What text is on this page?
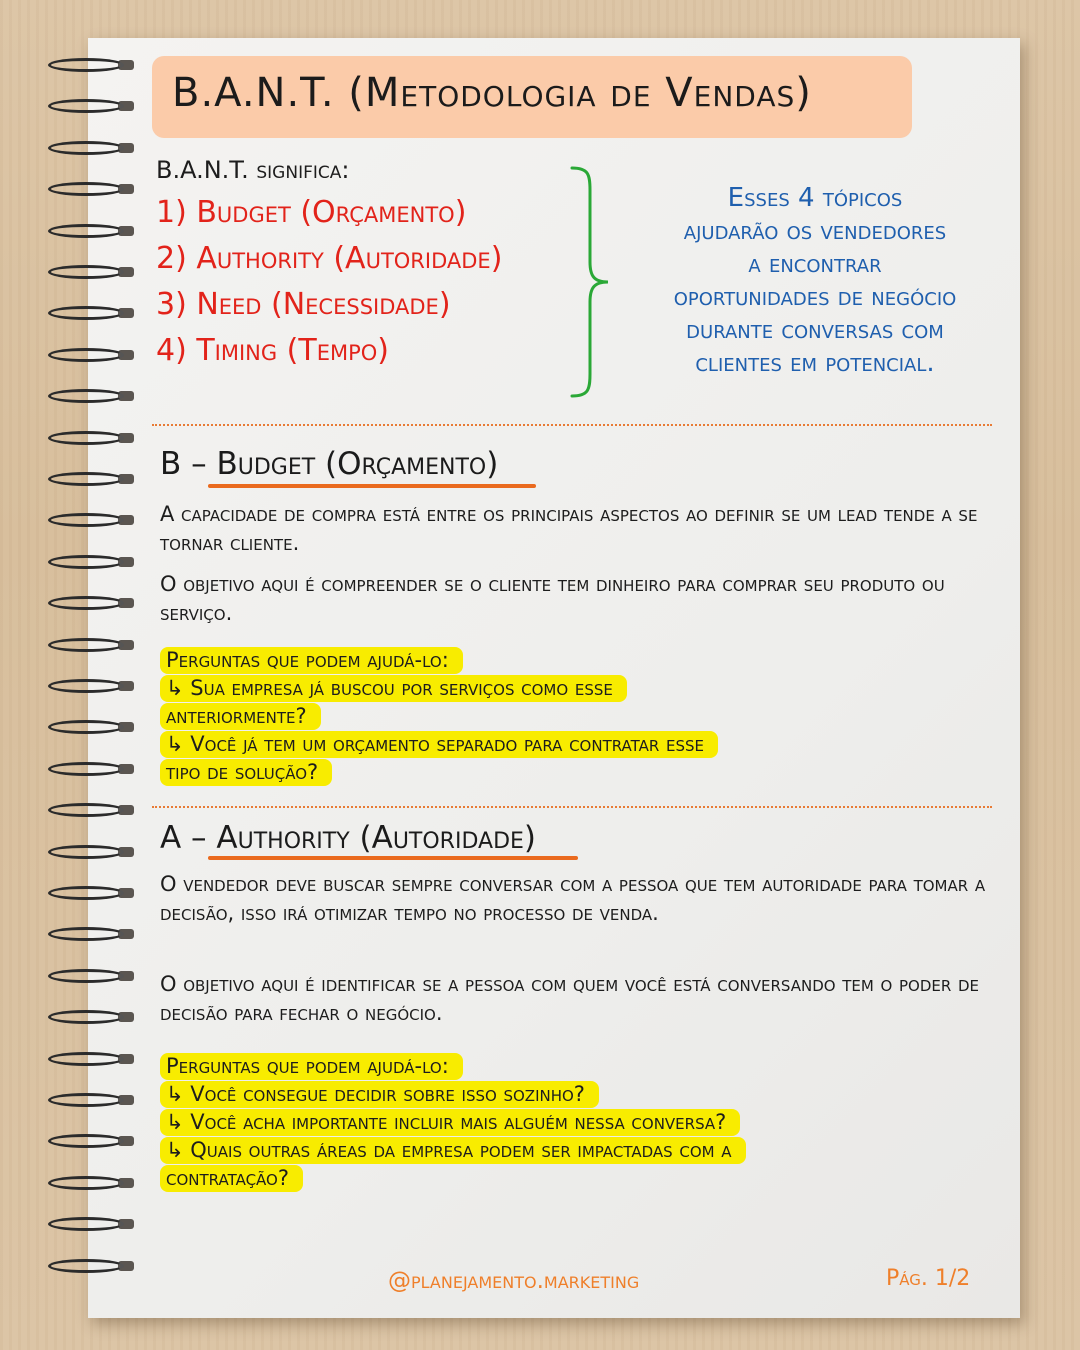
B.A.N.T. (Metodologia de Vendas)
B.A.N.T. significa:
1) Budget (Orçamento)
2) Authority (Autoridade)
3) Need (Necessidade)
4) Timing (Tempo)
Esses 4 tópicos
ajudarão os vendedores
a encontrar
oportunidades de negócio
durante conversas com
clientes em potencial.
B – Budget (Orçamento)
A capacidade de compra está entre os principais aspectos ao definir se um lead tende a se tornar cliente.
O objetivo aqui é compreender se o cliente tem dinheiro para comprar seu produto ou serviço.
Perguntas que podem ajudá-lo:
↳ Sua empresa já buscou por serviços como esse
anteriormente?
↳ Você já tem um orçamento separado para contratar esse
tipo de solução?
A – Authority (Autoridade)
O vendedor deve buscar sempre conversar com a pessoa que tem autoridade para tomar a decisão, isso irá otimizar tempo no processo de venda.
O objetivo aqui é identificar se a pessoa com quem você está conversando tem o poder de decisão para fechar o negócio.
Perguntas que podem ajudá-lo:
↳ Você consegue decidir sobre isso sozinho?
↳ Você acha importante incluir mais alguém nessa conversa?
↳ Quais outras áreas da empresa podem ser impactadas com a
contratação?
@planejamento.marketing	Pág. 1/2
